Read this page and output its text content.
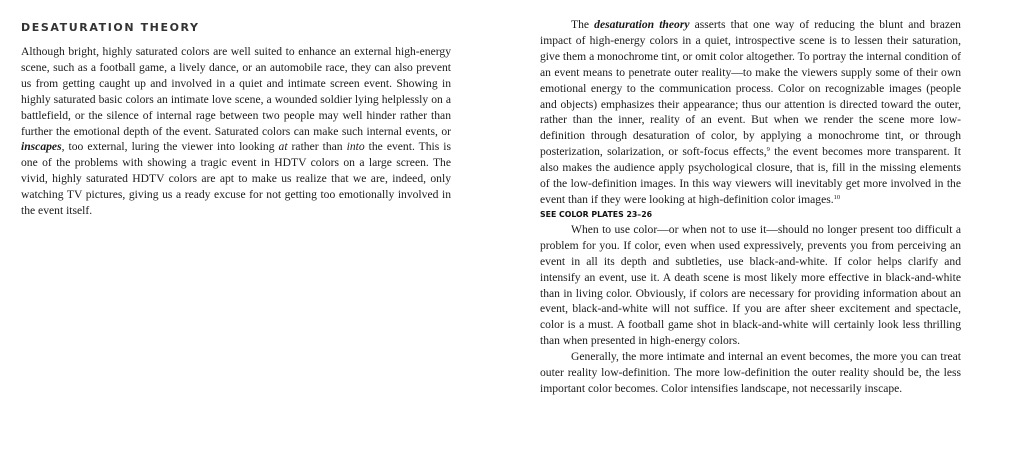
DESATURATION THEORY

Although bright, highly saturated colors are well suited to enhance an external high-energy scene, such as a football game, a lively dance, or an automobile race, they can also prevent us from getting caught up and involved in a quiet and intimate screen event. Showing in highly saturated basic colors an intimate love scene, a wounded soldier lying helplessly on a battlefield, or the silence of internal rage between two people may well hinder rather than further the emotional depth of the event. Saturated colors can make such internal events, or inscapes, too external, luring the viewer into looking at rather than into the event. This is one of the problems with showing a tragic event in HDTV colors on a large screen. The vivid, highly saturated HDTV colors are apt to make us realize that we are, indeed, only watching TV pictures, giving us a ready excuse for not getting too emotionally involved in the event itself.

The desaturation theory asserts that one way of reducing the blunt and brazen impact of high-energy colors in a quiet, introspective scene is to lessen their saturation, give them a monochrome tint, or omit color altogether. To portray the internal condition of an event means to penetrate outer reality—to make the viewers supply some of their own emotional energy to the communication process. Color on recognizable images (people and objects) emphasizes their appearance; thus our attention is directed toward the outer, rather than the inner, reality of an event. But when we render the scene more low-definition through desaturation of color, by applying a monochrome tint, or through posterization, solarization, or soft-focus effects,$^9$ the event becomes more transparent. It also makes the audience apply psychological closure, that is, fill in the missing elements of the low-definition images. In this way viewers will inevitably get more involved in the event than if they were looking at high-definition color images.$^{10}$

SEE COLOR PLATES 23–26

When to use color—or when not to use it—should no longer present too difficult a problem for you. If color, even when used expressively, prevents you from perceiving an event in all its depth and subtleties, use black-and-white. If color helps clarify and intensify an event, use it. A death scene is most likely more effective in black-and-white than in living color. Obviously, if colors are necessary for providing information about an event, black-and-white will not suffice. If you are after sheer excitement and spectacle, color is a must. A football game shot in black-and-white will certainly look less thrilling than when presented in high-energy colors.

Generally, the more intimate and internal an event becomes, the more you can treat outer reality low-definition. The more low-definition the outer reality should be, the less important color becomes. Color intensifies landscape, not necessarily inscape.
